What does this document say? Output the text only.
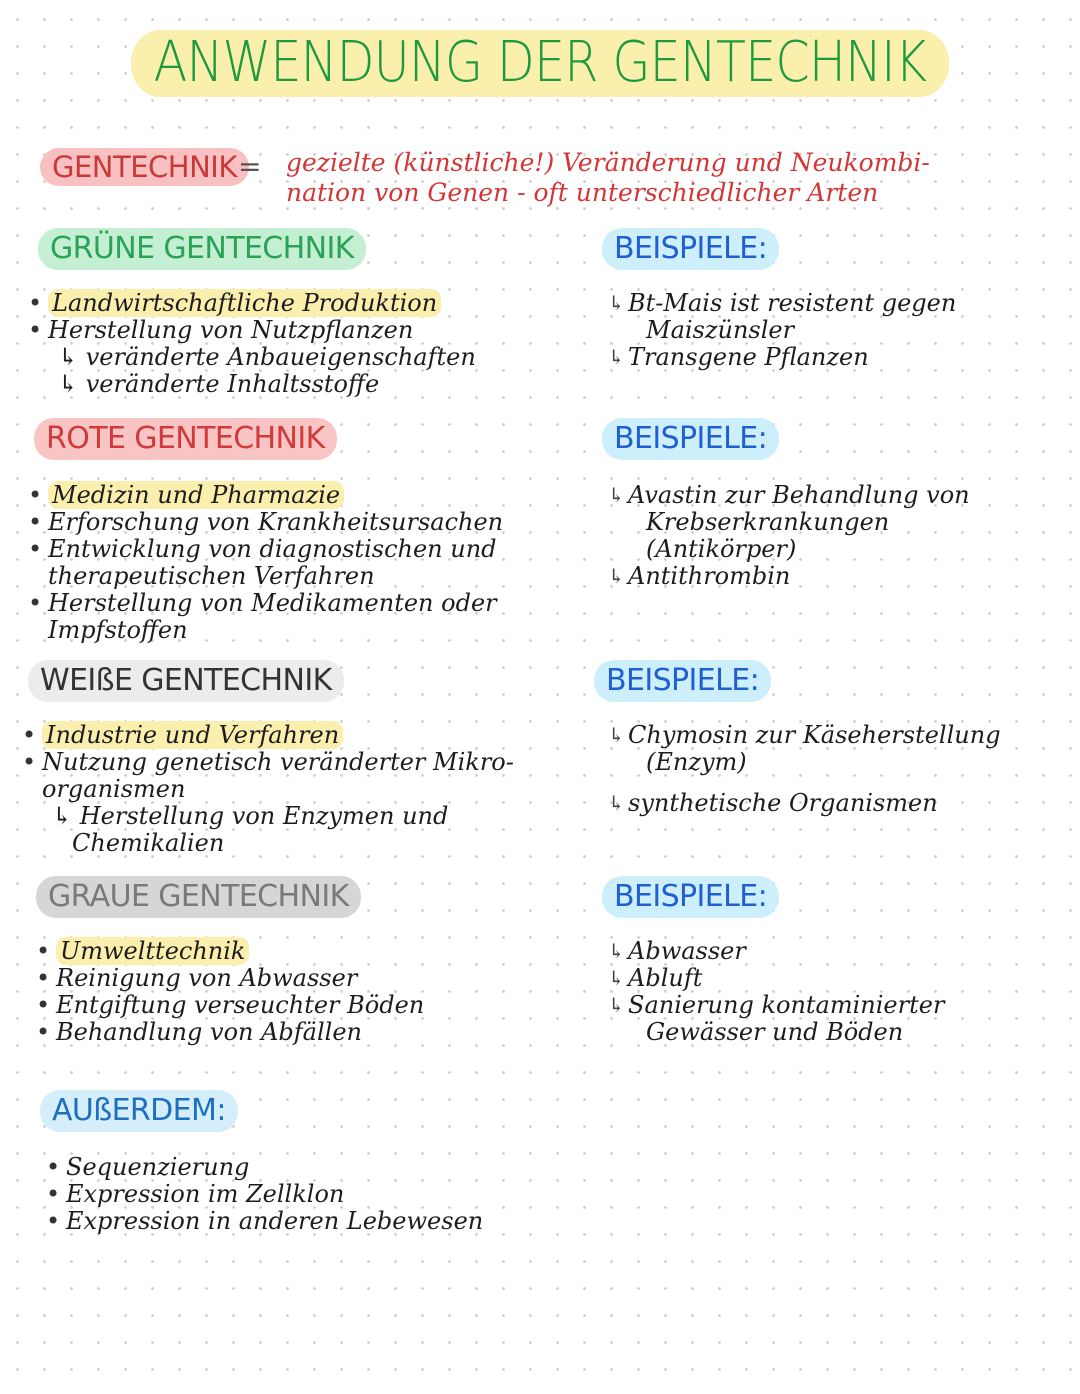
ANWENDUNG DER GENTECHNIK
GENTECHNIK = gezielte (künstliche!) Veränderung und Neukombi-
nation von Genen - oft unterschiedlicher Arten
GRÜNE GENTECHNIK	BEISPIELE:
• Landwirtschaftliche Produktion
• Herstellung von Nutzpflanzen
↳ veränderte Anbaueigenschaften
↳ veränderte Inhaltsstoffe
↳ Bt-Mais ist resistent gegen
Maiszünsler
↳ Transgene Pflanzen
ROTE GENTECHNIK	BEISPIELE:
• Medizin und Pharmazie
• Erforschung von Krankheitsursachen
• Entwicklung von diagnostischen und
therapeutischen Verfahren
• Herstellung von Medikamenten oder
Impfstoffen
↳ Avastin zur Behandlung von
Krebserkrankungen
(Antikörper)
↳ Antithrombin
WEIßE GENTECHNIK	BEISPIELE:
• Industrie und Verfahren
• Nutzung genetisch veränderter Mikro-
organismen
↳ Herstellung von Enzymen und
Chemikalien
↳ Chymosin zur Käseherstellung
(Enzym)
↳ synthetische Organismen
GRAUE GENTECHNIK	BEISPIELE:
• Umwelttechnik
• Reinigung von Abwasser
• Entgiftung verseuchter Böden
• Behandlung von Abfällen
↳ Abwasser
↳ Abluft
↳ Sanierung kontaminierter
Gewässer und Böden
AUßERDEM:
• Sequenzierung
• Expression im Zellklon
• Expression in anderen Lebewesen
